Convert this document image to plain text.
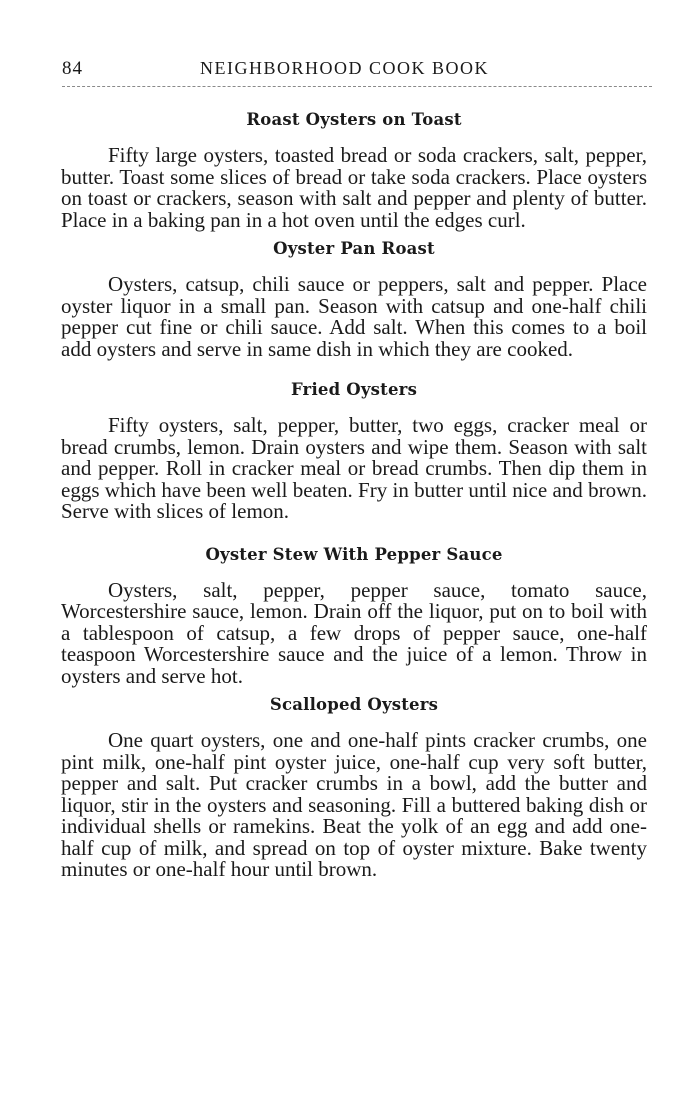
84	NEIGHBORHOOD COOK BOOK
Roast Oysters on Toast

Fifty large oysters, toasted bread or soda crackers, salt, pepper, butter. Toast some slices of bread or take soda crackers. Place oysters on toast or crackers, season with salt and pepper and plenty of butter. Place in a baking pan in a hot oven until the edges curl.

Oyster Pan Roast

Oysters, catsup, chili sauce or peppers, salt and pepper. Place oyster liquor in a small pan. Season with catsup and one-half chili pepper cut fine or chili sauce. Add salt. When this comes to a boil add oysters and serve in same dish in which they are cooked.

Fried Oysters

Fifty oysters, salt, pepper, butter, two eggs, cracker meal or bread crumbs, lemon. Drain oysters and wipe them. Season with salt and pepper. Roll in cracker meal or bread crumbs. Then dip them in eggs which have been well beaten. Fry in butter until nice and brown. Serve with slices of lemon.

Oyster Stew With Pepper Sauce

Oysters, salt, pepper, pepper sauce, tomato sauce, Worcestershire sauce, lemon. Drain off the liquor, put on to boil with a tablespoon of catsup, a few drops of pepper sauce, one-half teaspoon Worcestershire sauce and the juice of a lemon. Throw in oysters and serve hot.

Scalloped Oysters

One quart oysters, one and one-half pints cracker crumbs, one pint milk, one-half pint oyster juice, one-half cup very soft butter, pepper and salt. Put cracker crumbs in a bowl, add the butter and liquor, stir in the oysters and seasoning. Fill a buttered baking dish or individual shells or ramekins. Beat the yolk of an egg and add one-half cup of milk, and spread on top of oyster mixture. Bake twenty minutes or one-half hour until brown.
